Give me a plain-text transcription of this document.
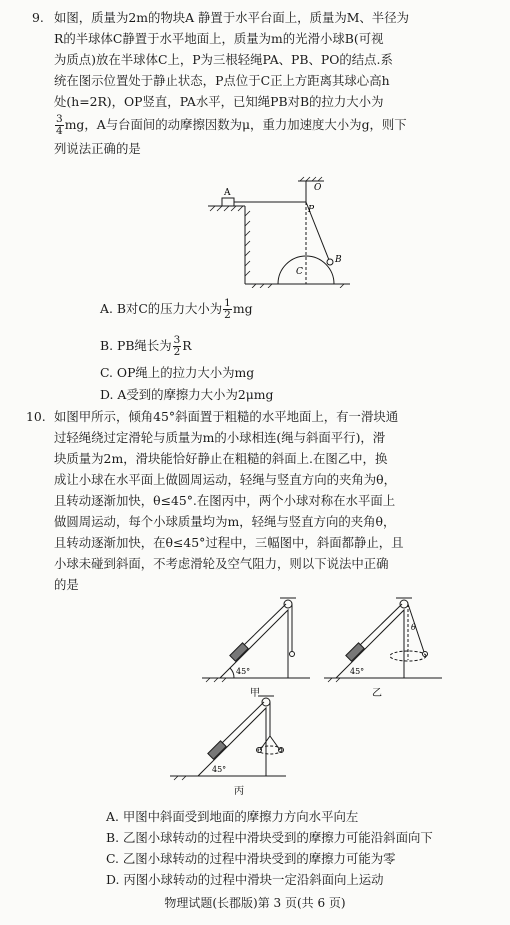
9. 如图，质量为2m的物块A 静置于水平台面上，质量为M、半径为
R的半球体C静置于水平地面上，质量为m的光滑小球B(可视
为质点)放在半球体C上，P为三根轻绳PA、PB、PO的结点.系
统在图示位置处于静止状态，P点位于C正上方距离其球心高h
处(h=2R)，OP竖直，PA水平，已知绳PB对B的拉力大小为
$\frac{3}{4}$ mg，A与台面间的动摩擦因数为μ，重力加速度大小为g，则下
列说法正确的是
A	O
P
B
C
A. B对C的压力大小为 $\frac{1}{2}$ mg
B. PB绳长为 $\frac{3}{2}$ R
C. OP绳上的拉力大小为mg
D. A受到的摩擦力大小为2μmg
10. 如图甲所示，倾角45°斜面置于粗糙的水平地面上，有一滑块通
过轻绳绕过定滑轮与质量为m的小球相连(绳与斜面平行)，滑
块质量为2m，滑块能恰好静止在粗糙的斜面上.在图乙中，换
成让小球在水平面上做圆周运动，轻绳与竖直方向的夹角为θ，
且转动逐渐加快，θ≤45°.在图丙中，两个小球对称在水平面上
做圆周运动，每个小球质量均为m，轻绳与竖直方向的夹角θ，
且转动逐渐加快，在θ≤45°过程中，三幅图中，斜面都静止，且
小球未碰到斜面，不考虑滑轮及空气阻力，则以下说法中正确
的是
45°
甲
45°
θ
乙
45°
丙
A. 甲图中斜面受到地面的摩擦力方向水平向左
B. 乙图小球转动的过程中滑块受到的摩擦力可能沿斜面向下
C. 乙图小球转动的过程中滑块受到的摩擦力可能为零
D. 丙图小球转动的过程中滑块一定沿斜面向上运动
物理试题(长郡版)第 3 页(共 6 页)
